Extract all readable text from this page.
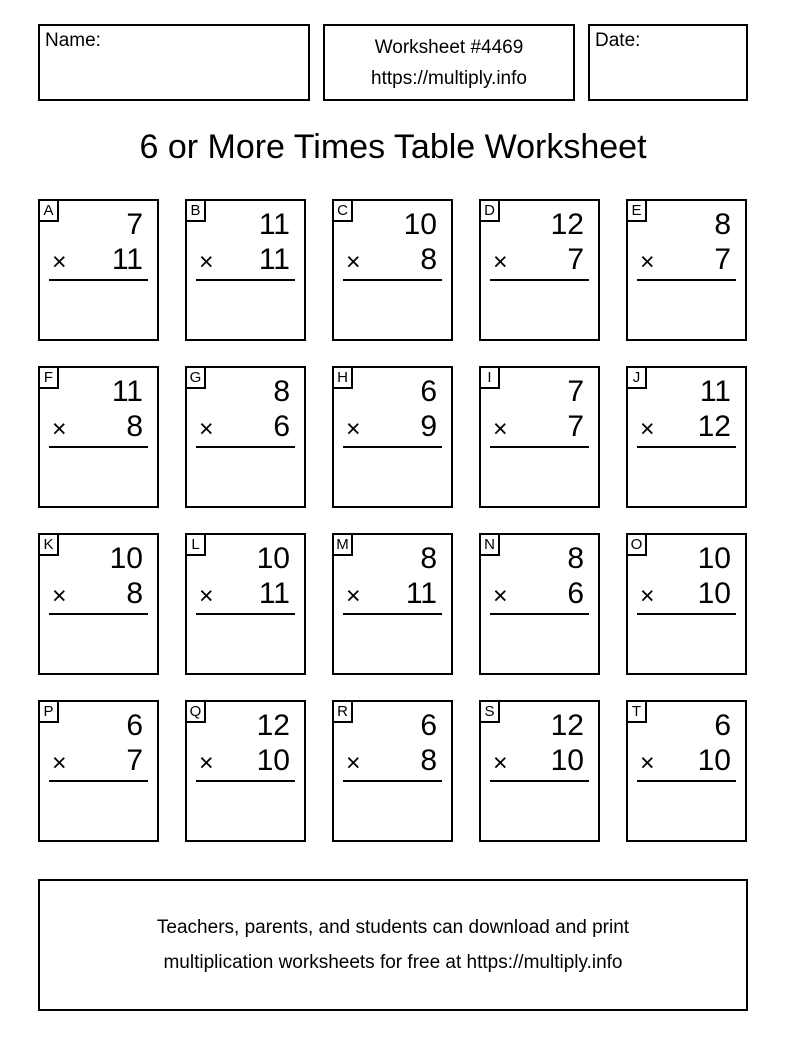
Name:	Worksheet #4469
https://multiply.info
Date:
6 or More Times Table Worksheet
A 7
× 11
B 11
× 11
C 10
× 8
D 12
× 7
E 8
× 7
F 11
× 8
G 8
× 6
H 6
× 9
I	7
× 7
J 11
× 12
K 10
× 8
L 10
× 11
M 8
× 11
N 8
× 6
O 10
× 10
P 6
× 7
Q 12
× 10
R 6
× 8
S 12
× 10
T 6
× 10
Teachers, parents, and students can download and print
multiplication worksheets for free at https://multiply.info
